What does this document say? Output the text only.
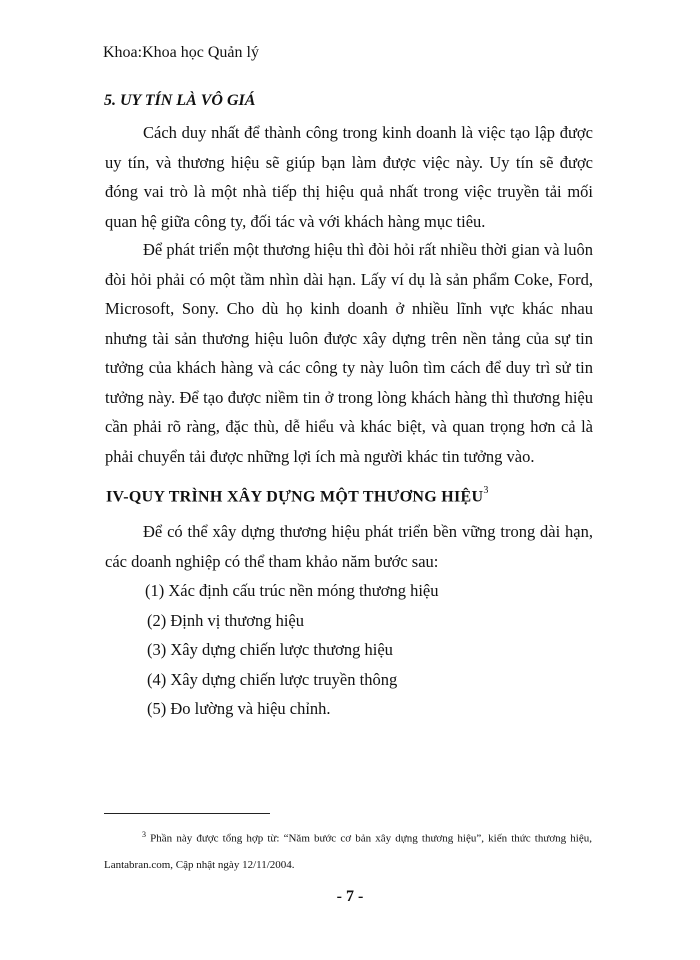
Khoa:Khoa học Quản lý
5. UY TÍN LÀ VÔ GIÁ
Cách duy nhất để thành công trong kinh doanh là việc tạo lập được uy tín, và thương hiệu sẽ giúp bạn làm được việc này. Uy tín sẽ được đóng vai trò là một nhà tiếp thị hiệu quả nhất trong việc truyền tải mối quan hệ giữa công ty, đối tác và với khách hàng mục tiêu.
Để phát triển một thương hiệu thì đòi hỏi rất nhiều thời gian và luôn đòi hỏi phải có một tầm nhìn dài hạn. Lấy ví dụ là sản phẩm Coke, Ford, Microsoft, Sony. Cho dù họ kinh doanh ở nhiều lĩnh vực khác nhau nhưng tài sản thương hiệu luôn được xây dựng trên nền tảng của sự tin tưởng của khách hàng và các công ty này luôn tìm cách để duy trì sử tin tưởng này. Để tạo được niềm tin ở trong lòng khách hàng thì thương hiệu cần phải rõ ràng, đặc thù, dễ hiểu và khác biệt, và quan trọng hơn cả là phải chuyển tải được những lợi ích mà người khác tin tưởng vào.
IV-QUY TRÌNH XÂY DỰNG MỘT THƯƠNG HIỆU$^3$
Để có thể xây dựng thương hiệu phát triển bền vững trong dài hạn, các doanh nghiệp có thể tham khảo năm bước sau:
(1) Xác định cấu trúc nền móng thương hiệu
(2) Định vị thương hiệu
(3) Xây dựng chiến lược thương hiệu
(4) Xây dựng chiến lược truyền thông
(5) Đo lường và hiệu chỉnh.
$^3$ Phần này được tổng hợp từ: “Năm bước cơ bản xây dựng thương hiệu”, kiến thức thương hiệu, Lantabran.com, Cập nhật ngày 12/11/2004.
- 7 -
